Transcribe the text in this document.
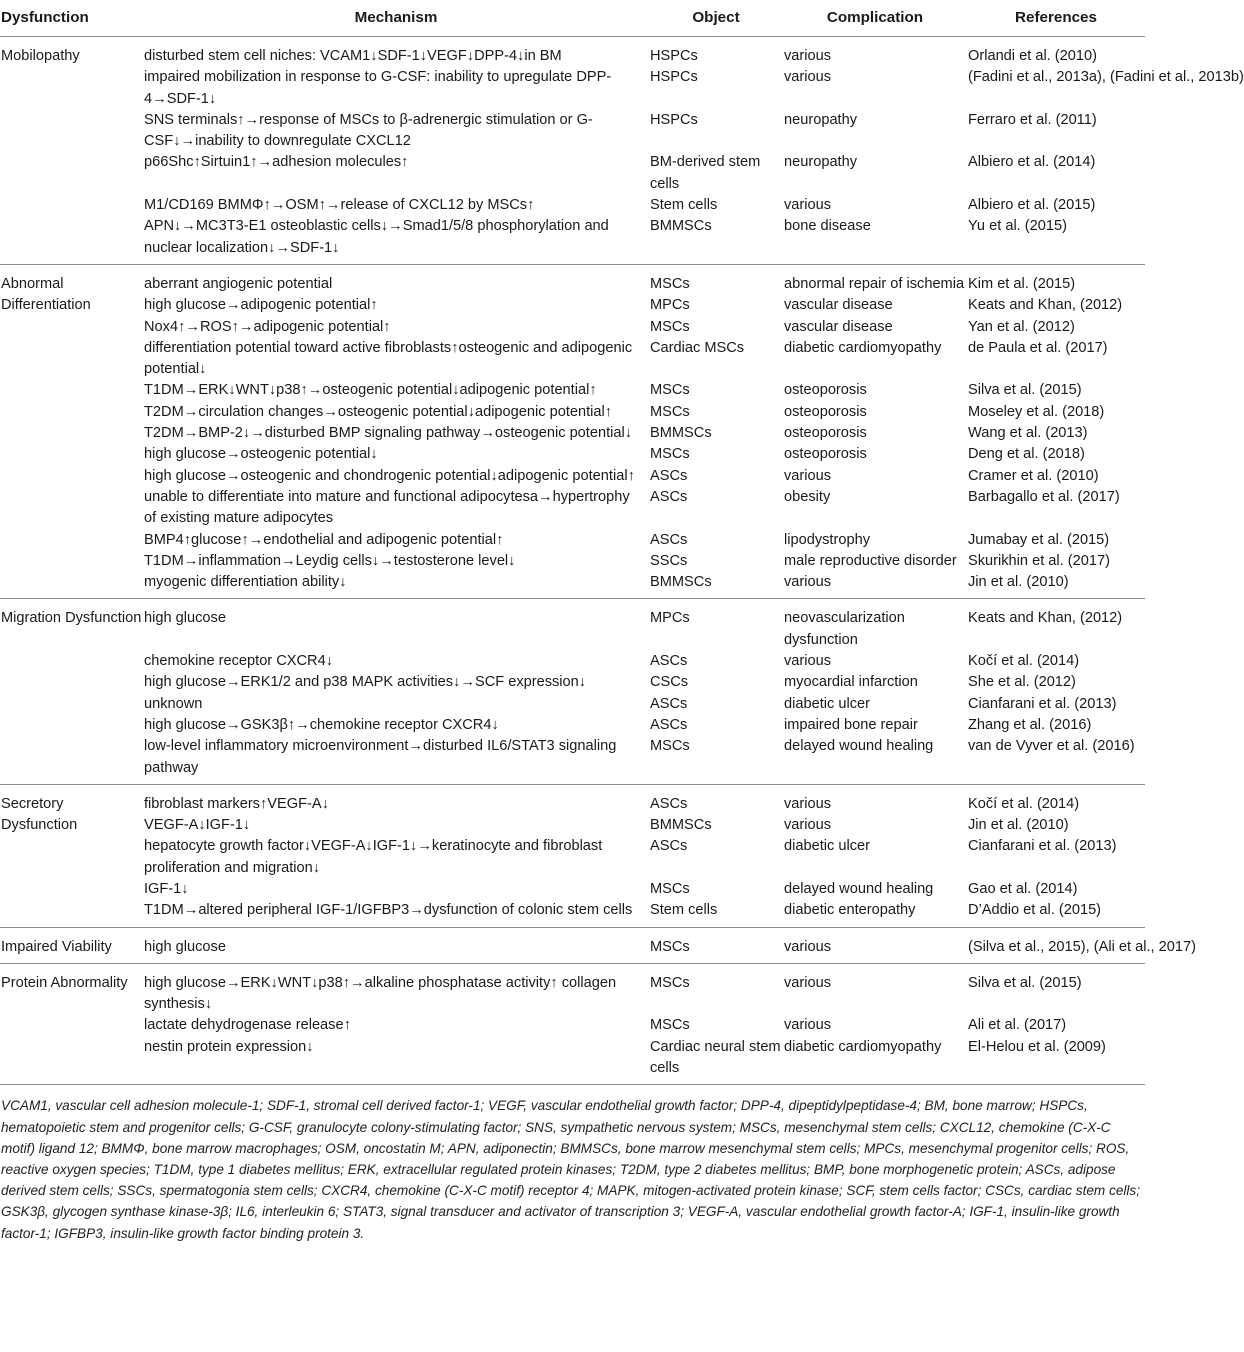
Dysfunction	Mechanism	Object	Complication	References
Mobilopathy	disturbed stem cell niches: VCAM1↓SDF-1↓VEGF↓DPP-4↓in BM	HSPCs	various	Orlandi et al. (2010)
	impaired mobilization in response to G-CSF: inability to upregulate DPP-4→SDF-1↓	HSPCs	various	(Fadini et al., 2013a), (Fadini et al., 2013b)
	SNS terminals↑→response of MSCs to β-adrenergic stimulation or G-CSF↓→inability to downregulate CXCL12	HSPCs	neuropathy	Ferraro et al. (2011)
	p66Shc↑Sirtuin1↑→adhesion molecules↑	BM-derived stem cells	neuropathy	Albiero et al. (2014)
	M1/CD169 BMMΦ↑→OSM↑→release of CXCL12 by MSCs↑	Stem cells	various	Albiero et al. (2015)
	APN↓→MC3T3-E1 osteoblastic cells↓→Smad1/5/8 phosphorylation and nuclear localization↓→SDF-1↓	BMMSCs	bone disease	Yu et al. (2015)
Abnormal Differentiation	aberrant angiogenic potential	MSCs	abnormal repair of ischemia	Kim et al. (2015)
	high glucose→adipogenic potential↑	MPCs	vascular disease	Keats and Khan, (2012)
	Nox4↑→ROS↑→adipogenic potential↑	MSCs	vascular disease	Yan et al. (2012)
	differentiation potential toward active fibroblasts↑osteogenic and adipogenic potential↓	Cardiac MSCs	diabetic cardiomyopathy	de Paula et al. (2017)
	T1DM→ERK↓WNT↓p38↑→osteogenic potential↓adipogenic potential↑	MSCs	osteoporosis	Silva et al. (2015)
	T2DM→circulation changes→osteogenic potential↓adipogenic potential↑	MSCs	osteoporosis	Moseley et al. (2018)
	T2DM→BMP-2↓→disturbed BMP signaling pathway→osteogenic potential↓	BMMSCs	osteoporosis	Wang et al. (2013)
	high glucose→osteogenic potential↓	MSCs	osteoporosis	Deng et al. (2018)
	high glucose→osteogenic and chondrogenic potential↓adipogenic potential↑	ASCs	various	Cramer et al. (2010)
	unable to differentiate into mature and functional adipocytesa→hypertrophy of existing mature adipocytes	ASCs	obesity	Barbagallo et al. (2017)
	BMP4↑glucose↑→endothelial and adipogenic potential↑	ASCs	lipodystrophy	Jumabay et al. (2015)
	T1DM→inflammation→Leydig cells↓→testosterone level↓	SSCs	male reproductive disorder	Skurikhin et al. (2017)
	myogenic differentiation ability↓	BMMSCs	various	Jin et al. (2010)
Migration Dysfunction	high glucose	MPCs	neovascularization dysfunction	Keats and Khan, (2012)
	chemokine receptor CXCR4↓	ASCs	various	Kočí et al. (2014)
	high glucose→ERK1/2 and p38 MAPK activities↓→SCF expression↓	CSCs	myocardial infarction	She et al. (2012)
	unknown	ASCs	diabetic ulcer	Cianfarani et al. (2013)
	high glucose→GSK3β↑→chemokine receptor CXCR4↓	ASCs	impaired bone repair	Zhang et al. (2016)
	low-level inflammatory microenvironment→disturbed IL6/STAT3 signaling pathway	MSCs	delayed wound healing	van de Vyver et al. (2016)
Secretory Dysfunction	fibroblast markers↑VEGF-A↓	ASCs	various	Kočí et al. (2014)
	VEGF-A↓IGF-1↓	BMMSCs	various	Jin et al. (2010)
	hepatocyte growth factor↓VEGF-A↓IGF-1↓→keratinocyte and fibroblast proliferation and migration↓	ASCs	diabetic ulcer	Cianfarani et al. (2013)
	IGF-1↓	MSCs	delayed wound healing	Gao et al. (2014)
	T1DM→altered peripheral IGF-1/IGFBP3→dysfunction of colonic stem cells	Stem cells	diabetic enteropathy	D’Addio et al. (2015)
Impaired Viability	high glucose	MSCs	various	(Silva et al., 2015), (Ali et al., 2017)
Protein Abnormality	high glucose→ERK↓WNT↓p38↑→alkaline phosphatase activity↑ collagen synthesis↓	MSCs	various	Silva et al. (2015)
	lactate dehydrogenase release↑	MSCs	various	Ali et al. (2017)
	nestin protein expression↓	Cardiac neural stem cells	diabetic cardiomyopathy	El-Helou et al. (2009)
VCAM1, vascular cell adhesion molecule-1; SDF-1, stromal cell derived factor-1; VEGF, vascular endothelial growth factor; DPP-4, dipeptidylpeptidase-4; BM, bone marrow; HSPCs, hematopoietic stem and progenitor cells; G-CSF, granulocyte colony-stimulating factor; SNS, sympathetic nervous system; MSCs, mesenchymal stem cells; CXCL12, chemokine (C-X-C motif) ligand 12; BMMΦ, bone marrow macrophages; OSM, oncostatin M; APN, adiponectin; BMMSCs, bone marrow mesenchymal stem cells; MPCs, mesenchymal progenitor cells; ROS, reactive oxygen species; T1DM, type 1 diabetes mellitus; ERK, extracellular regulated protein kinases; T2DM, type 2 diabetes mellitus; BMP, bone morphogenetic protein; ASCs, adipose derived stem cells; SSCs, spermatogonia stem cells; CXCR4, chemokine (C-X-C motif) receptor 4; MAPK, mitogen-activated protein kinase; SCF, stem cells factor; CSCs, cardiac stem cells; GSK3β, glycogen synthase kinase-3β; IL6, interleukin 6; STAT3, signal transducer and activator of transcription 3; VEGF-A, vascular endothelial growth factor-A; IGF-1, insulin-like growth factor-1; IGFBP3, insulin-like growth factor binding protein 3.
